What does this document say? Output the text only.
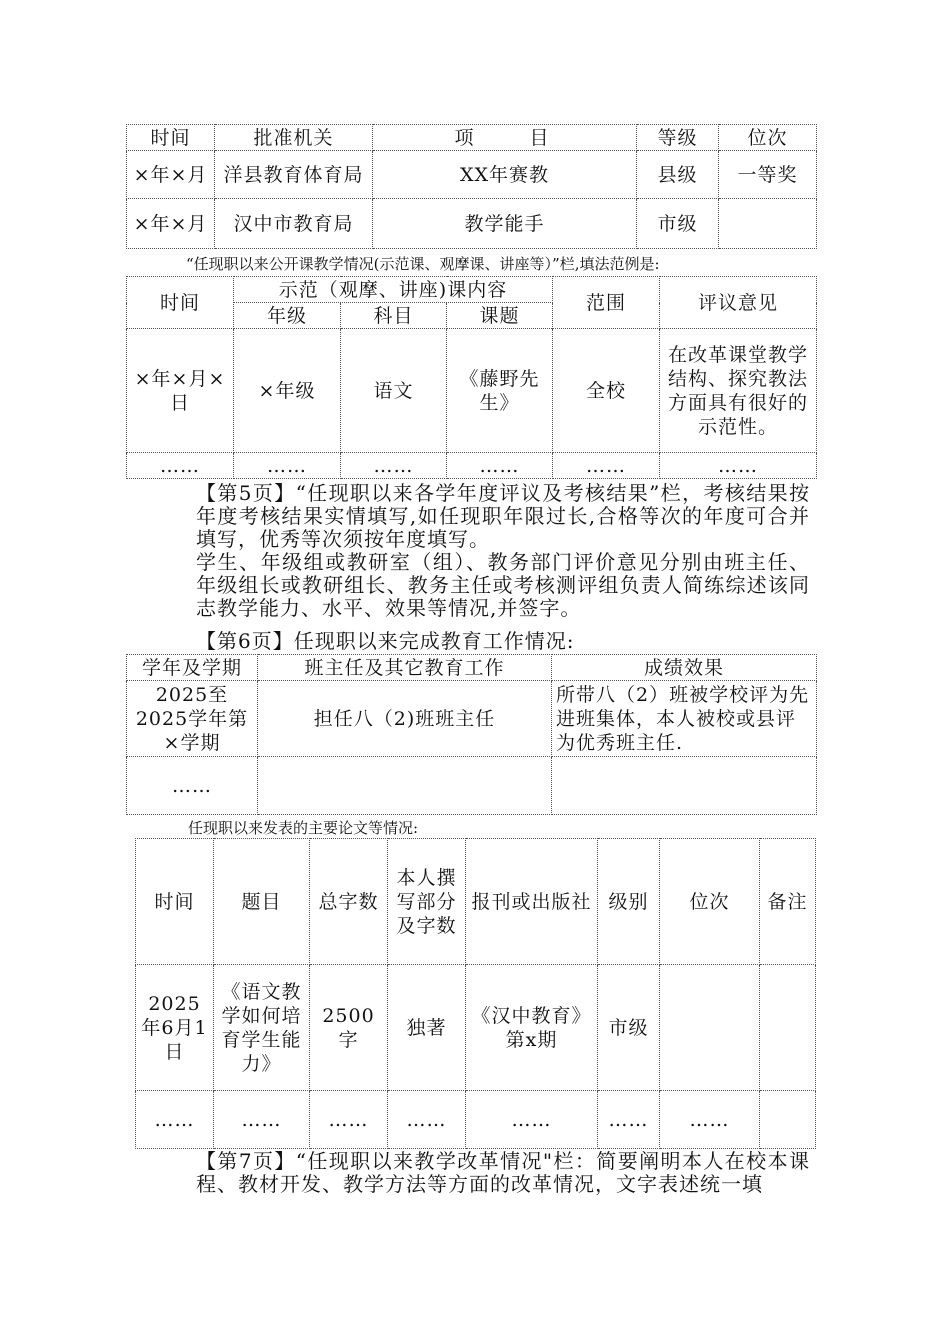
时间	批准机关	项　　目	等级	位次
×年×月	洋县教育体育局	XX年赛教	县级	一等奖
×年×月	汉中市教育局	教学能手	市级	
“任现职以来公开课教学情况(示范课、观摩课、讲座等）”栏,填法范例是:
时间	示范（观摩、讲座)课内容			范围	评议意见
	年级	科目	课题		
×年×月×日	×年级	语文	《藤野先生》	全校	在改革课堂教学结构、探究教法方面具有很好的示范性。
……	……	……	……	……	……
【第5页】“任现职以来各学年度评议及考核结果”栏，考核结果按年度考核结果实情填写,如任现职年限过长,合格等次的年度可合并填写，优秀等次须按年度填写。
学生、年级组或教研室（组）、教务部门评价意见分别由班主任、年级组长或教研组长、教务主任或考核测评组负责人简练综述该同志教学能力、水平、效果等情况,并签字。
【第6页】任现职以来完成教育工作情况:
学年及学期	班主任及其它教育工作	成绩效果
2025至2025学年第×学期	担任八（2)班班主任	所带八（2）班被学校评为先进班集体，本人被校或县评为优秀班主任.
……		
任现职以来发表的主要论文等情况:
时间	题目	总字数	本人撰写部分及字数	报刊或出版社	级别	位次	备注
2025年6月1日	《语文教学如何培育学生能力》	2500字	独著	《汉中教育》第x期	市级		
……	……	……	……	……	……	……	
【第7页】“任现职以来教学改革情况"栏：简要阐明本人在校本课程、教材开发、教学方法等方面的改革情况，文字表述统一填
